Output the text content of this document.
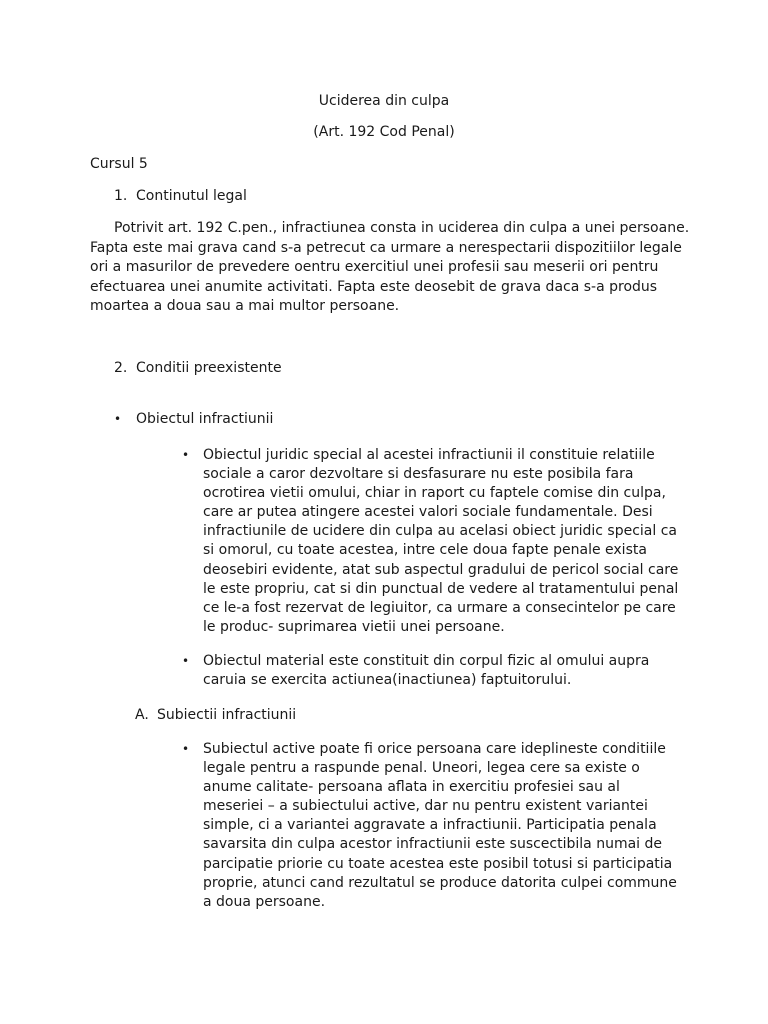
Uciderea din culpa

(Art. 192 Cod Penal)

Cursul 5

1. Continutul legal

Potrivit art. 192 C.pen., infractiunea consta in uciderea din culpa a unei persoane. Fapta este mai grava cand s-a petrecut ca urmare a nerespectarii dispozitiilor legale ori a masurilor de prevedere oentru exercitiul unei profesii sau meserii ori pentru efectuarea unei anumite activitati. Fapta este deosebit de grava daca s-a produs moartea a doua sau a mai multor persoane.

2. Conditii preexistente

• Obiectul infractiunii

• Obiectul juridic special al acestei infractiunii il constituie relatiile sociale a caror dezvoltare si desfasurare nu este posibila fara ocrotirea vietii omului, chiar in raport cu faptele comise din culpa, care ar putea atingere acestei valori sociale fundamentale. Desi infractiunile de ucidere din culpa au acelasi obiect juridic special ca si omorul, cu toate acestea, intre cele doua fapte penale exista deosebiri evidente, atat sub aspectul gradului de pericol social care le este propriu, cat si din punctual de vedere al tratamentului penal ce le-a fost rezervat de legiuitor, ca urmare a consecintelor pe care le produc- suprimarea vietii unei persoane.
• Obiectul material este constituit din corpul fizic al omului aupra caruia se exercita actiunea(inactiunea) faptuitorului.

A. Subiectii infractiunii

• Subiectul active poate fi orice persoana care ideplineste conditiile legale pentru a raspunde penal. Uneori, legea cere sa existe o anume calitate- persoana aflata in exercitiu profesiei sau al meseriei – a subiectului active, dar nu pentru existent variantei simple, ci a variantei aggravate a infractiunii. Participatia penala savarsita din culpa acestor infractiunii este suscectibila numai de parcipatie priorie cu toate acestea este posibil totusi si participatia proprie, atunci cand rezultatul se produce datorita culpei commune a doua persoane.
